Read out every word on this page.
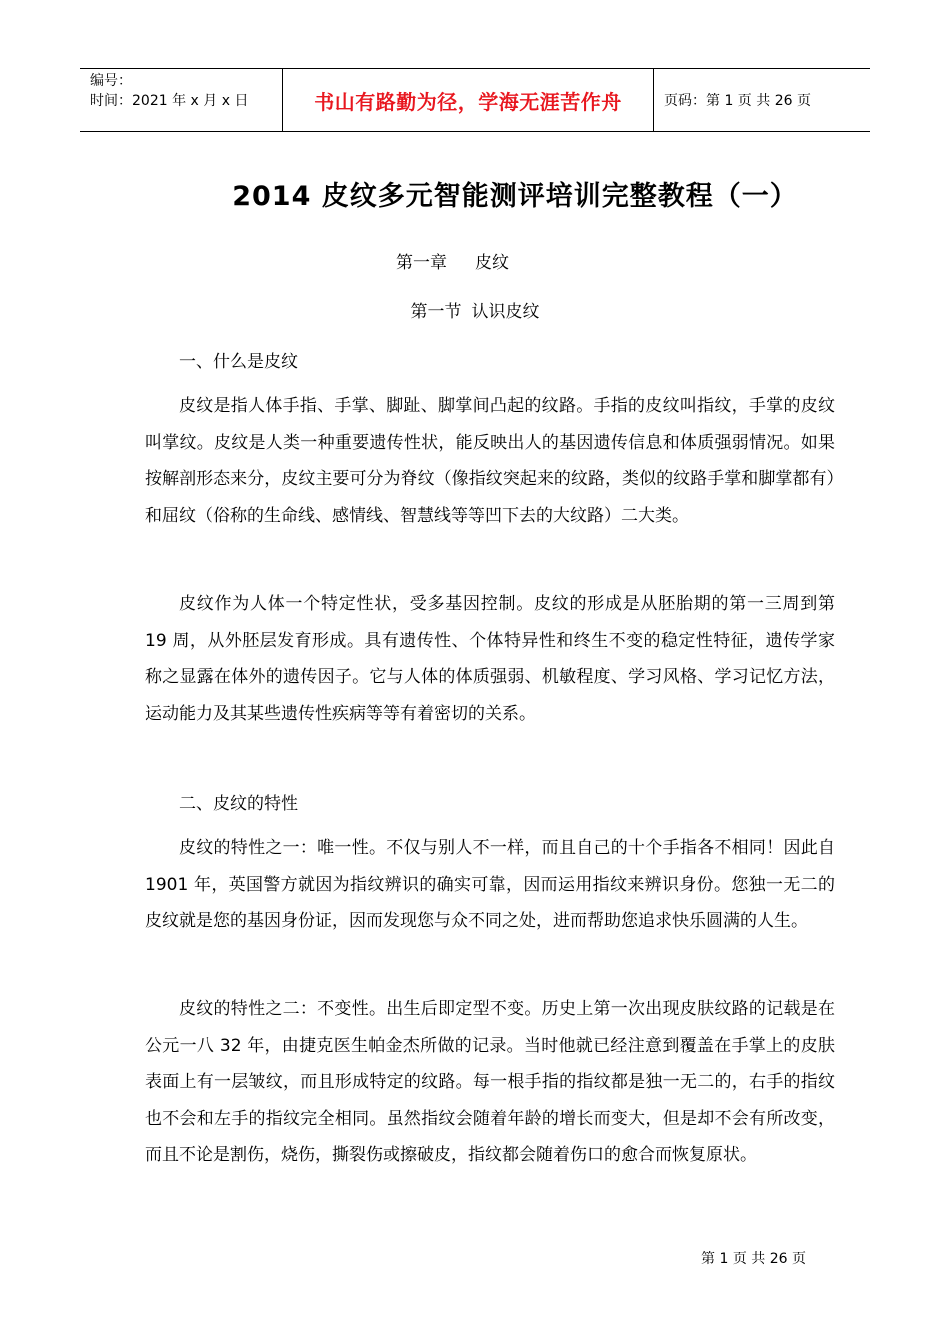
编号：
时间：2021 年 x 月 x 日	书山有路勤为径，学海无涯苦作舟	页码：第 1 页 共 26 页
2014 皮纹多元智能测评培训完整教程（一）
第一章 皮纹
第一节 认识皮纹
一、什么是皮纹

皮纹是指人体手指、手掌、脚趾、脚掌间凸起的纹路。手指的皮纹叫指纹，手掌的皮纹叫掌纹。皮纹是人类一种重要遗传性状，能反映出人的基因遗传信息和体质强弱情况。如果按解剖形态来分，皮纹主要可分为脊纹（像指纹突起来的纹路，类似的纹路手掌和脚掌都有）和屈纹（俗称的生命线、感情线、智慧线等等凹下去的大纹路）二大类。

皮纹作为人体一个特定性状，受多基因控制。皮纹的形成是从胚胎期的第一三周到第 19 周，从外胚层发育形成。具有遗传性、个体特异性和终生不变的稳定性特征，遗传学家称之显露在体外的遗传因子。它与人体的体质强弱、机敏程度、学习风格、学习记忆方法，运动能力及其某些遗传性疾病等等有着密切的关系。

二、皮纹的特性

皮纹的特性之一：唯一性。不仅与别人不一样，而且自己的十个手指各不相同！因此自 1901 年，英国警方就因为指纹辨识的确实可靠，因而运用指纹来辨识身份。您独一无二的皮纹就是您的基因身份证，因而发现您与众不同之处，进而帮助您追求快乐圆满的人生。

皮纹的特性之二：不变性。出生后即定型不变。历史上第一次出现皮肤纹路的记载是在公元一八 32 年，由捷克医生帕金杰所做的记录。当时他就已经注意到覆盖在手掌上的皮肤表面上有一层皱纹，而且形成特定的纹路。每一根手指的指纹都是独一无二的，右手的指纹也不会和左手的指纹完全相同。虽然指纹会随着年龄的增长而变大，但是却不会有所改变，而且不论是割伤，烧伤，撕裂伤或擦破皮，指纹都会随着伤口的愈合而恢复原状。

第 1 页 共 26 页
